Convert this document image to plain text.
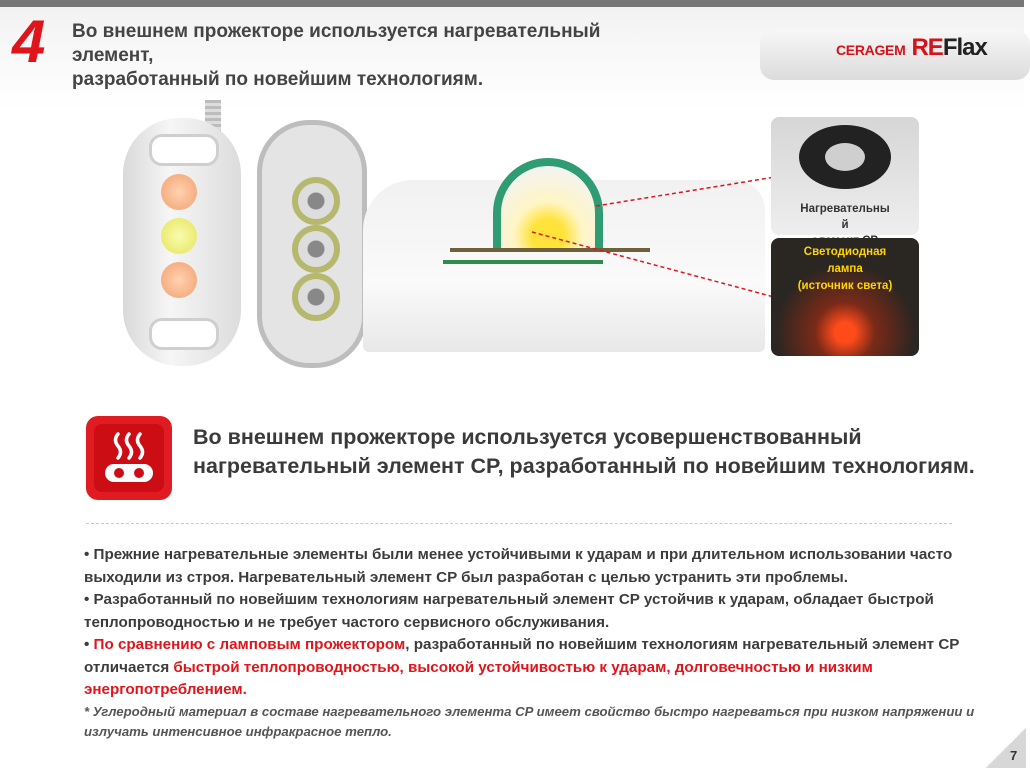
4 Во внешнем прожекторе используется нагревательный
элемент,
разработанный по новейшим технологиям.
CERAGEM REFlax
Нагревательны
й

Светодиодная
лампа
(источник света)
Во внешнем прожекторе используется усовершенствованный нагревательный элемент CP, разработанный по новейшим технологиям.

• Прежние нагревательные элементы были менее устойчивыми к ударам и при длительном использовании часто выходили из строя. Нагревательный элемент CP был разработан с целью устранить эти проблемы.

• Разработанный по новейшим технологиям нагревательный элемент CP устойчив к ударам, обладает быстрой теплопроводностью и не требует частого сервисного обслуживания.

• По сравнению с ламповым прожектором, разработанный по новейшим технологиям нагревательный элемент CP отличается быстрой теплопроводностью, высокой устойчивостью к ударам, долговечностью и низким энергопотреблением.

* Углеродный материал в составе нагревательного элемента CP имеет свойство быстро нагреваться при низком напряжении и излучать интенсивное инфракрасное тепло.

7
